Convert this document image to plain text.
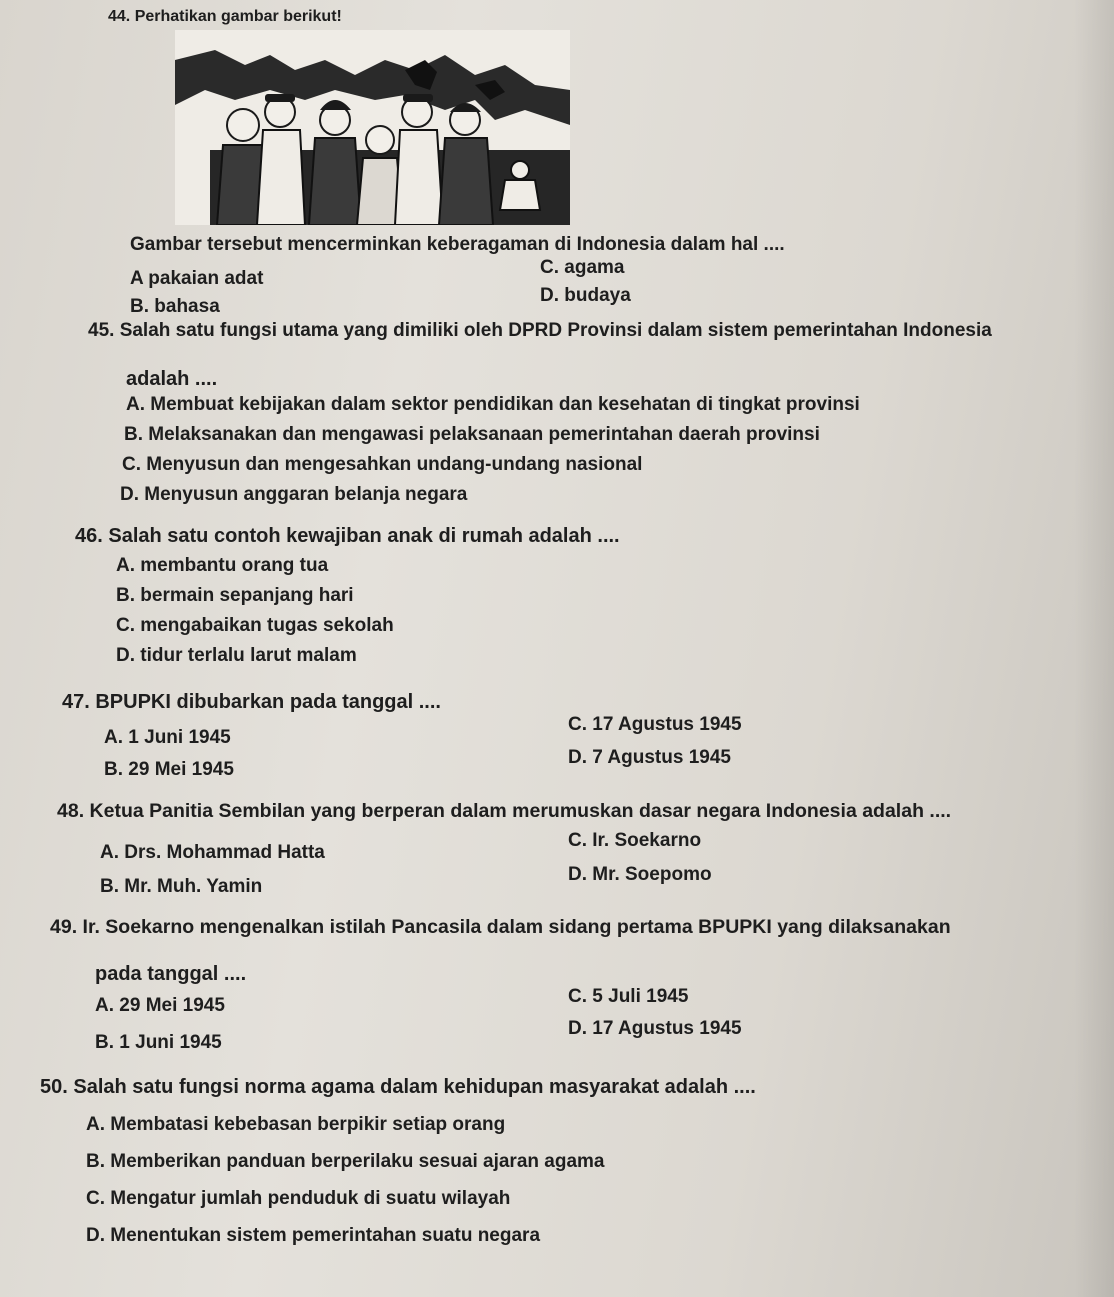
44. Perhatikan gambar berikut!
Gambar tersebut mencerminkan keberagaman di Indonesia dalam hal ....
A pakaian adat
B. bahasa
C. agama
D. budaya
45. Salah satu fungsi utama yang dimiliki oleh DPRD Provinsi dalam sistem pemerintahan Indonesia
adalah ....
A. Membuat kebijakan dalam sektor pendidikan dan kesehatan di tingkat provinsi
B. Melaksanakan dan mengawasi pelaksanaan pemerintahan daerah provinsi
C. Menyusun dan mengesahkan undang-undang nasional
D. Menyusun anggaran belanja negara
46. Salah satu contoh kewajiban anak di rumah adalah ....
A. membantu orang tua
B. bermain sepanjang hari
C. mengabaikan tugas sekolah
D. tidur terlalu larut malam
47. BPUPKI dibubarkan pada tanggal ....
A. 1 Juni 1945
B. 29 Mei 1945
C. 17 Agustus 1945
D. 7 Agustus 1945
48. Ketua Panitia Sembilan yang berperan dalam merumuskan dasar negara Indonesia adalah ....
A. Drs. Mohammad Hatta
B. Mr. Muh. Yamin
C. Ir. Soekarno
D. Mr. Soepomo
49. Ir. Soekarno mengenalkan istilah Pancasila dalam sidang pertama BPUPKI yang dilaksanakan
pada tanggal ....
A. 29 Mei 1945
B. 1 Juni 1945
C. 5 Juli 1945
D. 17 Agustus 1945
50. Salah satu fungsi norma agama dalam kehidupan masyarakat adalah ....
A. Membatasi kebebasan berpikir setiap orang
B. Memberikan panduan berperilaku sesuai ajaran agama
C. Mengatur jumlah penduduk di suatu wilayah
D. Menentukan sistem pemerintahan suatu negara
